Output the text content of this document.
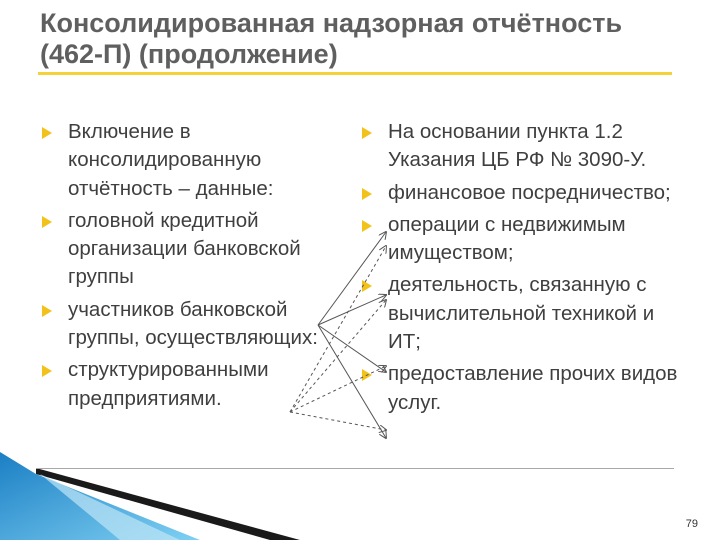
Консолидированная надзорная отчётность (462-П) (продолжение)
Включение в консолидированную отчётность – данные:
головной кредитной организации банковской группы
участников банковской группы, осуществляющих:
структурированными предприятиями.
На основании пункта 1.2 Указания ЦБ РФ № 3090-У.
финансовое посредничество;
операции с недвижимым имуществом;
деятельность, связанную с вычислительной техникой и ИТ;
предоставление прочих видов услуг.
79
